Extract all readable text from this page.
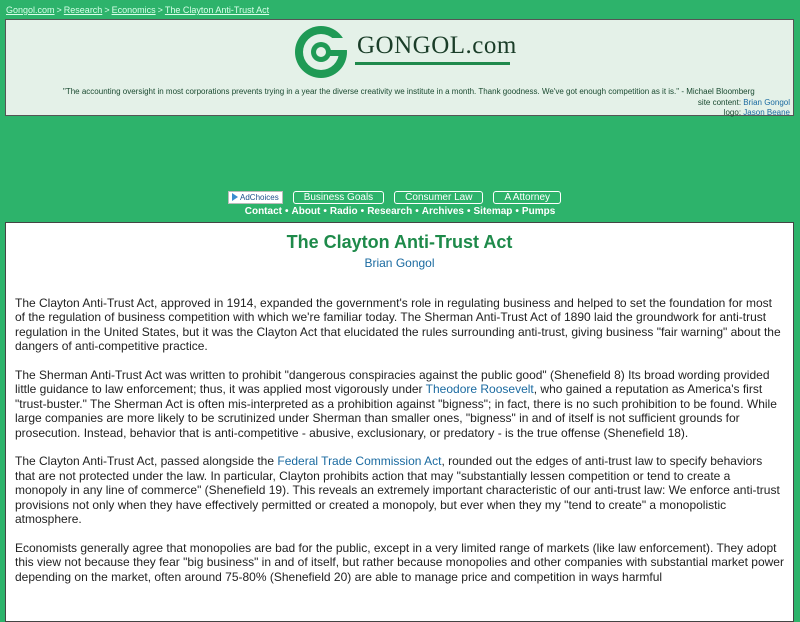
Gongol.com > Research > Economics > The Clayton Anti-Trust Act
GONGOL.com
"The accounting oversight in most corporations prevents trying in a year the diverse creativity we institute in a month. Thank goodness. We've got enough competition as it is." - Michael Bloomberg
site content: Brian Gongol
logo: Jason Beane
AdChoices	Business Goals	Consumer Law	A Attorney
Contact • About • Radio • Research • Archives • Sitemap • Pumps
The Clayton Anti-Trust Act
Brian Gongol

The Clayton Anti-Trust Act, approved in 1914, expanded the government's role in regulating business and helped to set the foundation for most of the regulation of business competition with which we're familiar today. The Sherman Anti-Trust Act of 1890 laid the groundwork for anti-trust regulation in the United States, but it was the Clayton Act that elucidated the rules surrounding anti-trust, giving business "fair warning" about the dangers of anti-competitive practice.

The Sherman Anti-Trust Act was written to prohibit "dangerous conspiracies against the public good" (Shenefield 8) Its broad wording provided little guidance to law enforcement; thus, it was applied most vigorously under Theodore Roosevelt, who gained a reputation as America's first "trust-buster." The Sherman Act is often mis-interpreted as a prohibition against "bigness"; in fact, there is no such prohibition to be found. While large companies are more likely to be scrutinized under Sherman than smaller ones, "bigness" in and of itself is not sufficient grounds for prosecution. Instead, behavior that is anti-competitive - abusive, exclusionary, or predatory - is the true offense (Shenefield 18).

The Clayton Anti-Trust Act, passed alongside the Federal Trade Commission Act, rounded out the edges of anti-trust law to specify behaviors that are not protected under the law. In particular, Clayton prohibits action that may "substantially lessen competition or tend to create a monopoly in any line of commerce" (Shenefield 19). This reveals an extremely important characteristic of our anti-trust law: We enforce anti-trust provisions not only when they have effectively permitted or created a monopoly, but ever when they my "tend to create" a monopolistic atmosphere.

Economists generally agree that monopolies are bad for the public, except in a very limited range of markets (like law enforcement). They adopt this view not because they fear "big business" in and of itself, but rather because monopolies and other companies with substantial market power depending on the market, often around 75-80% (Shenefield 20) are able to manage price and competition in ways harmful
